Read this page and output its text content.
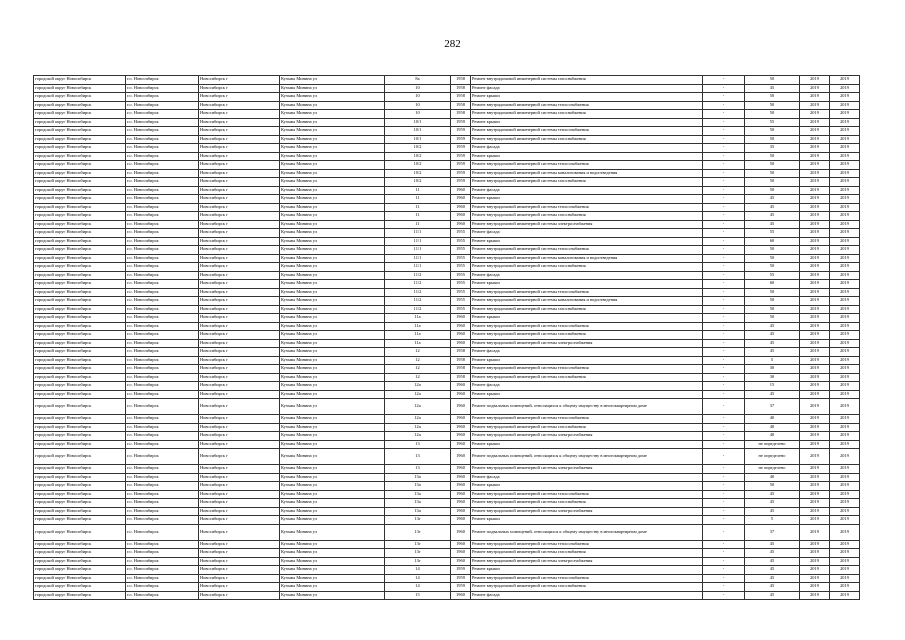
282
городской округ Новосибирск	г.о. Новосибирск	Новосибирск г	Кузьмы Минина ул	8а	1958	Ремонт внутридомовой инженерной системы газоснабжения	-	50	2019	2019
городской округ Новосибирск	г.о. Новосибирск	Новосибирск г	Кузьмы Минина ул	10	1958	Ремонт фасада	-	45	2019	2019
городской округ Новосибирск	г.о. Новосибирск	Новосибирск г	Кузьмы Минина ул	10	1958	Ремонт крыши	-	50	2019	2019
городской округ Новосибирск	г.о. Новосибирск	Новосибирск г	Кузьмы Минина ул	10	1958	Ремонт внутридомовой инженерной системы теплоснабжения	-	50	2019	2019
городской округ Новосибирск	г.о. Новосибирск	Новосибирск г	Кузьмы Минина ул	10	1958	Ремонт внутридомовой инженерной системы газоснабжения	-	50	2019	2019
городской округ Новосибирск	г.о. Новосибирск	Новосибирск г	Кузьмы Минина ул	10/1	1959	Ремонт крыши	-	55	2019	2019
городской округ Новосибирск	г.о. Новосибирск	Новосибирск г	Кузьмы Минина ул	10/1	1959	Ремонт внутридомовой инженерной системы теплоснабжения	-	50	2019	2019
городской округ Новосибирск	г.о. Новосибирск	Новосибирск г	Кузьмы Минина ул	10/1	1959	Ремонт внутридомовой инженерной системы газоснабжения	-	50	2019	2019
городской округ Новосибирск	г.о. Новосибирск	Новосибирск г	Кузьмы Минина ул	10/2	1959	Ремонт фасада	-	35	2019	2019
городской округ Новосибирск	г.о. Новосибирск	Новосибирск г	Кузьмы Минина ул	10/2	1959	Ремонт крыши	-	50	2019	2019
городской округ Новосибирск	г.о. Новосибирск	Новосибирск г	Кузьмы Минина ул	10/2	1959	Ремонт внутридомовой инженерной системы теплоснабжения	-	50	2019	2019
городской округ Новосибирск	г.о. Новосибирск	Новосибирск г	Кузьмы Минина ул	10/2	1959	Ремонт внутридомовой инженерной системы канализования и водоотведения	-	50	2019	2019
городской округ Новосибирск	г.о. Новосибирск	Новосибирск г	Кузьмы Минина ул	10/2	1959	Ремонт внутридомовой инженерной системы газоснабжения	-	50	2019	2019
городской округ Новосибирск	г.о. Новосибирск	Новосибирск г	Кузьмы Минина ул	11	1960	Ремонт фасада	-	50	2019	2019
городской округ Новосибирск	г.о. Новосибирск	Новосибирск г	Кузьмы Минина ул	11	1960	Ремонт крыши	-	45	2019	2019
городской округ Новосибирск	г.о. Новосибирск	Новосибирск г	Кузьмы Минина ул	11	1960	Ремонт внутридомовой инженерной системы теплоснабжения	-	45	2019	2019
городской округ Новосибирск	г.о. Новосибирск	Новосибирск г	Кузьмы Минина ул	11	1960	Ремонт внутридомовой инженерной системы газоснабжения	-	45	2019	2019
городской округ Новосибирск	г.о. Новосибирск	Новосибирск г	Кузьмы Минина ул	11	1960	Ремонт внутридомовой инженерной системы электроснабжения	-	45	2019	2019
городской округ Новосибирск	г.о. Новосибирск	Новосибирск г	Кузьмы Минина ул	11/1	1955	Ремонт фасада	-	55	2019	2019
городской округ Новосибирск	г.о. Новосибирск	Новосибирск г	Кузьмы Минина ул	11/1	1955	Ремонт крыши	-	60	2019	2019
городской округ Новосибирск	г.о. Новосибирск	Новосибирск г	Кузьмы Минина ул	11/1	1955	Ремонт внутридомовой инженерной системы теплоснабжения	-	50	2019	2019
городской округ Новосибирск	г.о. Новосибирск	Новосибирск г	Кузьмы Минина ул	11/1	1955	Ремонт внутридомовой инженерной системы канализования и водоотведения	-	50	2019	2019
городской округ Новосибирск	г.о. Новосибирск	Новосибирск г	Кузьмы Минина ул	11/1	1955	Ремонт внутридомовой инженерной системы газоснабжения	-	50	2019	2019
городской округ Новосибирск	г.о. Новосибирск	Новосибирск г	Кузьмы Минина ул	11/2	1955	Ремонт фасада	-	55	2019	2019
городской округ Новосибирск	г.о. Новосибирск	Новосибирск г	Кузьмы Минина ул	11/2	1955	Ремонт крыши	-	60	2019	2019
городской округ Новосибирск	г.о. Новосибирск	Новосибирск г	Кузьмы Минина ул	11/2	1955	Ремонт внутридомовой инженерной системы теплоснабжения	-	50	2019	2019
городской округ Новосибирск	г.о. Новосибирск	Новосибирск г	Кузьмы Минина ул	11/2	1955	Ремонт внутридомовой инженерной системы канализования и водоотведения	-	50	2019	2019
городской округ Новосибирск	г.о. Новосибирск	Новосибирск г	Кузьмы Минина ул	11/2	1955	Ремонт внутридомовой инженерной системы газоснабжения	-	50	2019	2019
городской округ Новосибирск	г.о. Новосибирск	Новосибирск г	Кузьмы Минина ул	11а	1960	Ремонт крыши	-	50	2019	2019
городской округ Новосибирск	г.о. Новосибирск	Новосибирск г	Кузьмы Минина ул	11а	1960	Ремонт внутридомовой инженерной системы теплоснабжения	-	45	2019	2019
городской округ Новосибирск	г.о. Новосибирск	Новосибирск г	Кузьмы Минина ул	11а	1960	Ремонт внутридомовой инженерной системы газоснабжения	-	45	2019	2019
городской округ Новосибирск	г.о. Новосибирск	Новосибирск г	Кузьмы Минина ул	11а	1960	Ремонт внутридомовой инженерной системы электроснабжения	-	45	2019	2019
городской округ Новосибирск	г.о. Новосибирск	Новосибирск г	Кузьмы Минина ул	12	1958	Ремонт фасада	-	45	2019	2019
городской округ Новосибирск	г.о. Новосибирск	Новосибирск г	Кузьмы Минина ул	12	1958	Ремонт крыши	-	5	2019	2019
городской округ Новосибирск	г.о. Новосибирск	Новосибирск г	Кузьмы Минина ул	12	1958	Ремонт внутридомовой инженерной системы теплоснабжения	-	30	2019	2019
городской округ Новосибирск	г.о. Новосибирск	Новосибирск г	Кузьмы Минина ул	12	1958	Ремонт внутридомовой инженерной системы газоснабжения	-	30	2019	2019
городской округ Новосибирск	г.о. Новосибирск	Новосибирск г	Кузьмы Минина ул	12а	1960	Ремонт фасада	-	15	2019	2019
городской округ Новосибирск	г.о. Новосибирск	Новосибирск г	Кузьмы Минина ул	12а	1960	Ремонт крыши	-	45	2019	2019
городской округ Новосибирск	г.о. Новосибирск	Новосибирск г	Кузьмы Минина ул	12а	1960	Ремонт подвальных помещений, относящихся к общему имуществу в многоквартирном доме	-	37	2019	2019
городской округ Новосибирск	г.о. Новосибирск	Новосибирск г	Кузьмы Минина ул	12а	1960	Ремонт внутридомовой инженерной системы теплоснабжения	-	40	2019	2019
городской округ Новосибирск	г.о. Новосибирск	Новосибирск г	Кузьмы Минина ул	12а	1960	Ремонт внутридомовой инженерной системы газоснабжения	-	40	2019	2019
городской округ Новосибирск	г.о. Новосибирск	Новосибирск г	Кузьмы Минина ул	12а	1960	Ремонт внутридомовой инженерной системы электроснабжения	-	40	2019	2019
городской округ Новосибирск	г.о. Новосибирск	Новосибирск г	Кузьмы Минина ул	13	1960	Ремонт крыши	-	не определено	2019	2019
городской округ Новосибирск	г.о. Новосибирск	Новосибирск г	Кузьмы Минина ул	13	1960	Ремонт подвальных помещений, относящихся к общему имуществу в многоквартирном доме	-	не определено	2019	2019
городской округ Новосибирск	г.о. Новосибирск	Новосибирск г	Кузьмы Минина ул	13	1960	Ремонт внутридомовой инженерной системы электроснабжения	-	не определено	2019	2019
городской округ Новосибирск	г.о. Новосибирск	Новосибирск г	Кузьмы Минина ул	13а	1960	Ремонт фасада	-	40	2019	2019
городской округ Новосибирск	г.о. Новосибирск	Новосибирск г	Кузьмы Минина ул	13а	1960	Ремонт крыши	-	50	2019	2019
городской округ Новосибирск	г.о. Новосибирск	Новосибирск г	Кузьмы Минина ул	13а	1960	Ремонт внутридомовой инженерной системы теплоснабжения	-	45	2019	2019
городской округ Новосибирск	г.о. Новосибирск	Новосибирск г	Кузьмы Минина ул	13а	1960	Ремонт внутридомовой инженерной системы газоснабжения	-	45	2019	2019
городской округ Новосибирск	г.о. Новосибирск	Новосибирск г	Кузьмы Минина ул	13а	1960	Ремонт внутридомовой инженерной системы электроснабжения	-	45	2019	2019
городской округ Новосибирск	г.о. Новосибирск	Новосибирск г	Кузьмы Минина ул	13г	1960	Ремонт крыши	-	5	2019	2019
городской округ Новосибирск	г.о. Новосибирск	Новосибирск г	Кузьмы Минина ул	13г	1960	Ремонт подвальных помещений, относящихся к общему имуществу в многоквартирном доме	-	37	2019	2019
городской округ Новосибирск	г.о. Новосибирск	Новосибирск г	Кузьмы Минина ул	13г	1960	Ремонт внутридомовой инженерной системы теплоснабжения	-	45	2019	2019
городской округ Новосибирск	г.о. Новосибирск	Новосибирск г	Кузьмы Минина ул	13г	1960	Ремонт внутридомовой инженерной системы газоснабжения	-	45	2019	2019
городской округ Новосибирск	г.о. Новосибирск	Новосибирск г	Кузьмы Минина ул	13г	1960	Ремонт внутридомовой инженерной системы электроснабжения	-	45	2019	2019
городской округ Новосибирск	г.о. Новосибирск	Новосибирск г	Кузьмы Минина ул	14	1959	Ремонт крыши	-	45	2019	2019
городской округ Новосибирск	г.о. Новосибирск	Новосибирск г	Кузьмы Минина ул	14	1959	Ремонт внутридомовой инженерной системы теплоснабжения	-	45	2019	2019
городской округ Новосибирск	г.о. Новосибирск	Новосибирск г	Кузьмы Минина ул	14	1959	Ремонт внутридомовой инженерной системы газоснабжения	-	45	2019	2019
городской округ Новосибирск	г.о. Новосибирск	Новосибирск г	Кузьмы Минина ул	15	1960	Ремонт фасада	-	45	2019	2019
